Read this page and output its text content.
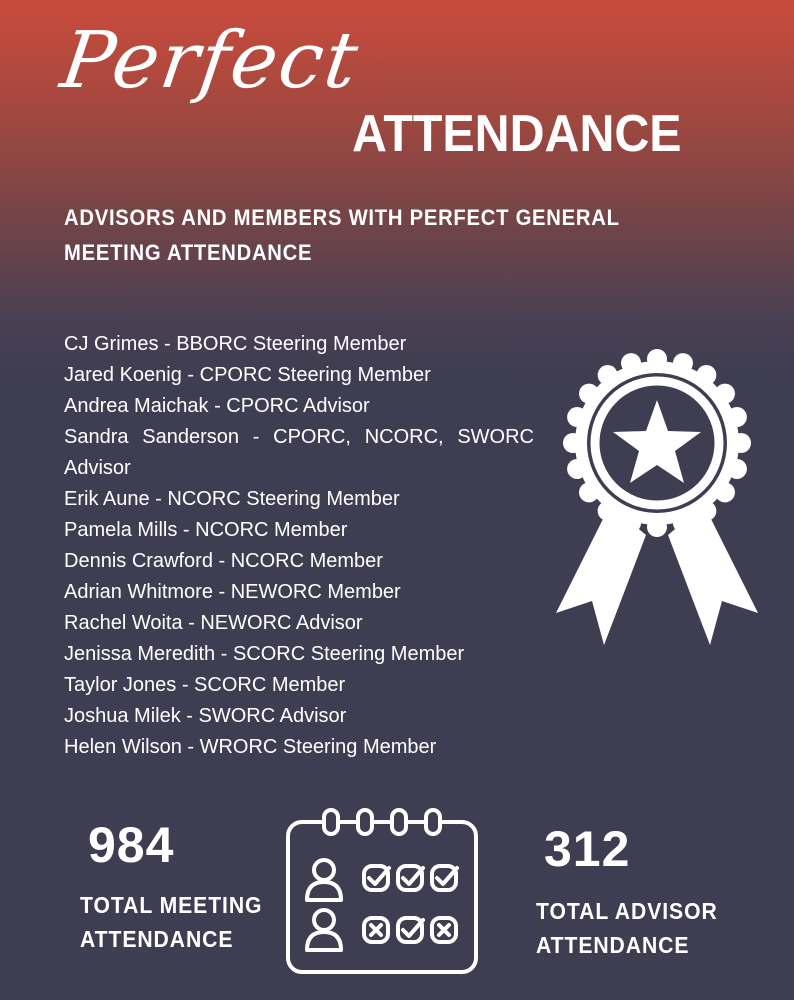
Perfect
ATTENDANCE
ADVISORS AND MEMBERS WITH PERFECT GENERAL
MEETING ATTENDANCE
CJ Grimes - BBORC Steering Member
Jared Koenig - CPORC Steering Member
Andrea Maichak - CPORC Advisor
Sandra Sanderson - CPORC, NCORC, SWORC Advisor
Erik Aune - NCORC Steering Member
Pamela Mills - NCORC Member
Dennis Crawford - NCORC Member
Adrian Whitmore - NEWORC Member
Rachel Woita - NEWORC Advisor
Jenissa Meredith - SCORC Steering Member
Taylor Jones - SCORC Member
Joshua Milek - SWORC Advisor
Helen Wilson - WRORC Steering Member
984
TOTAL MEETING
ATTENDANCE
312
TOTAL ADVISOR
ATTENDANCE
